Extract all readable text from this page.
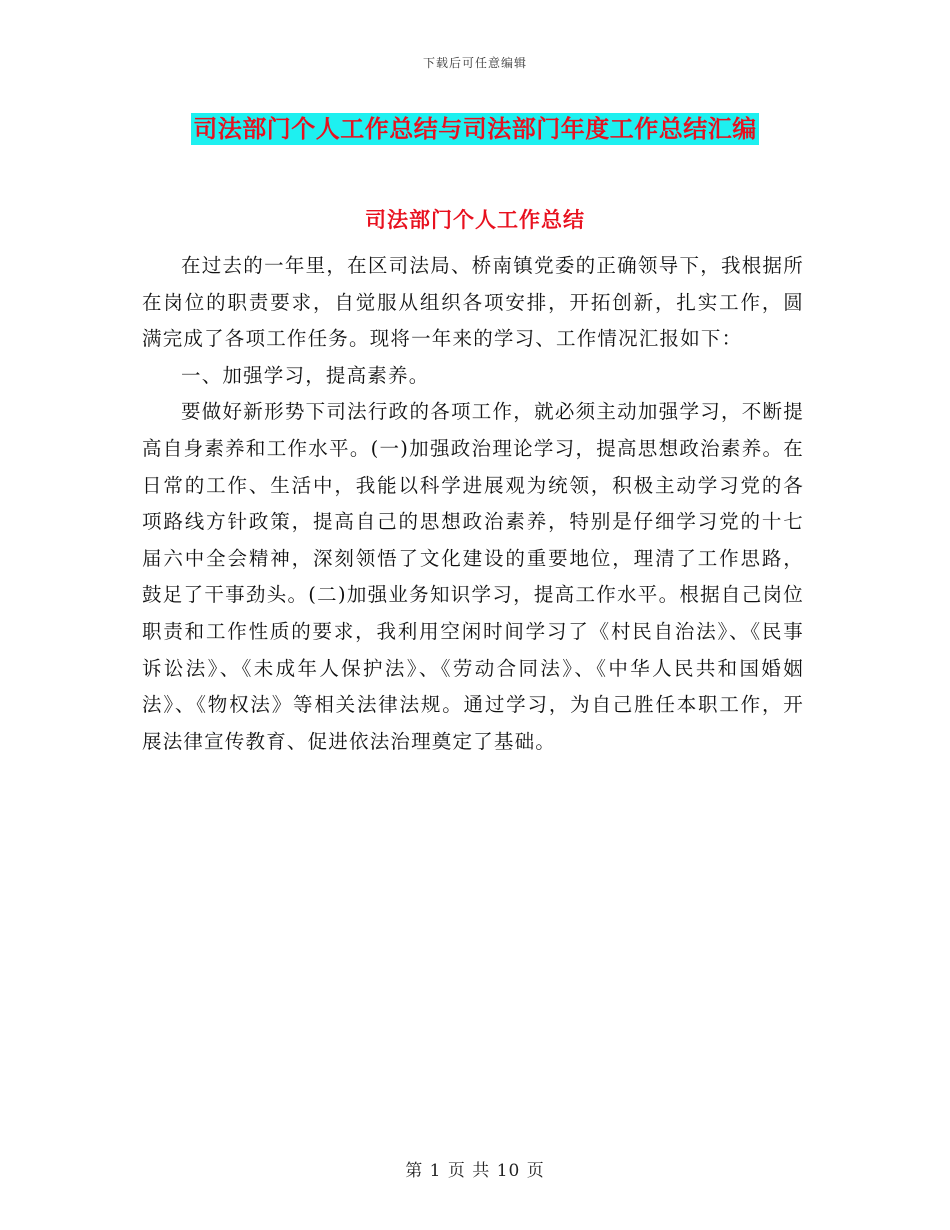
下载后可任意编辑
司法部门个人工作总结与司法部门年度工作总结汇编
司法部门个人工作总结

在过去的一年里，在区司法局、桥南镇党委的正确领导下，我根据所在岗位的职责要求，自觉服从组织各项安排，开拓创新，扎实工作，圆满完成了各项工作任务。现将一年来的学习、工作情况汇报如下：

一、加强学习，提高素养。

要做好新形势下司法行政的各项工作，就必须主动加强学习，不断提高自身素养和工作水平。(一)加强政治理论学习，提高思想政治素养。在日常的工作、生活中，我能以科学进展观为统领，积极主动学习党的各项路线方针政策，提高自己的思想政治素养，特别是仔细学习党的十七届六中全会精神，深刻领悟了文化建设的重要地位，理清了工作思路，鼓足了干事劲头。(二)加强业务知识学习，提高工作水平。根据自己岗位职责和工作性质的要求，我利用空闲时间学习了《村民自治法》、《民事诉讼法》、《未成年人保护法》、《劳动合同法》、《中华人民共和国婚姻法》、《物权法》等相关法律法规。通过学习，为自己胜任本职工作，开展法律宣传教育、促进依法治理奠定了基础。

第 1 页 共 10 页
